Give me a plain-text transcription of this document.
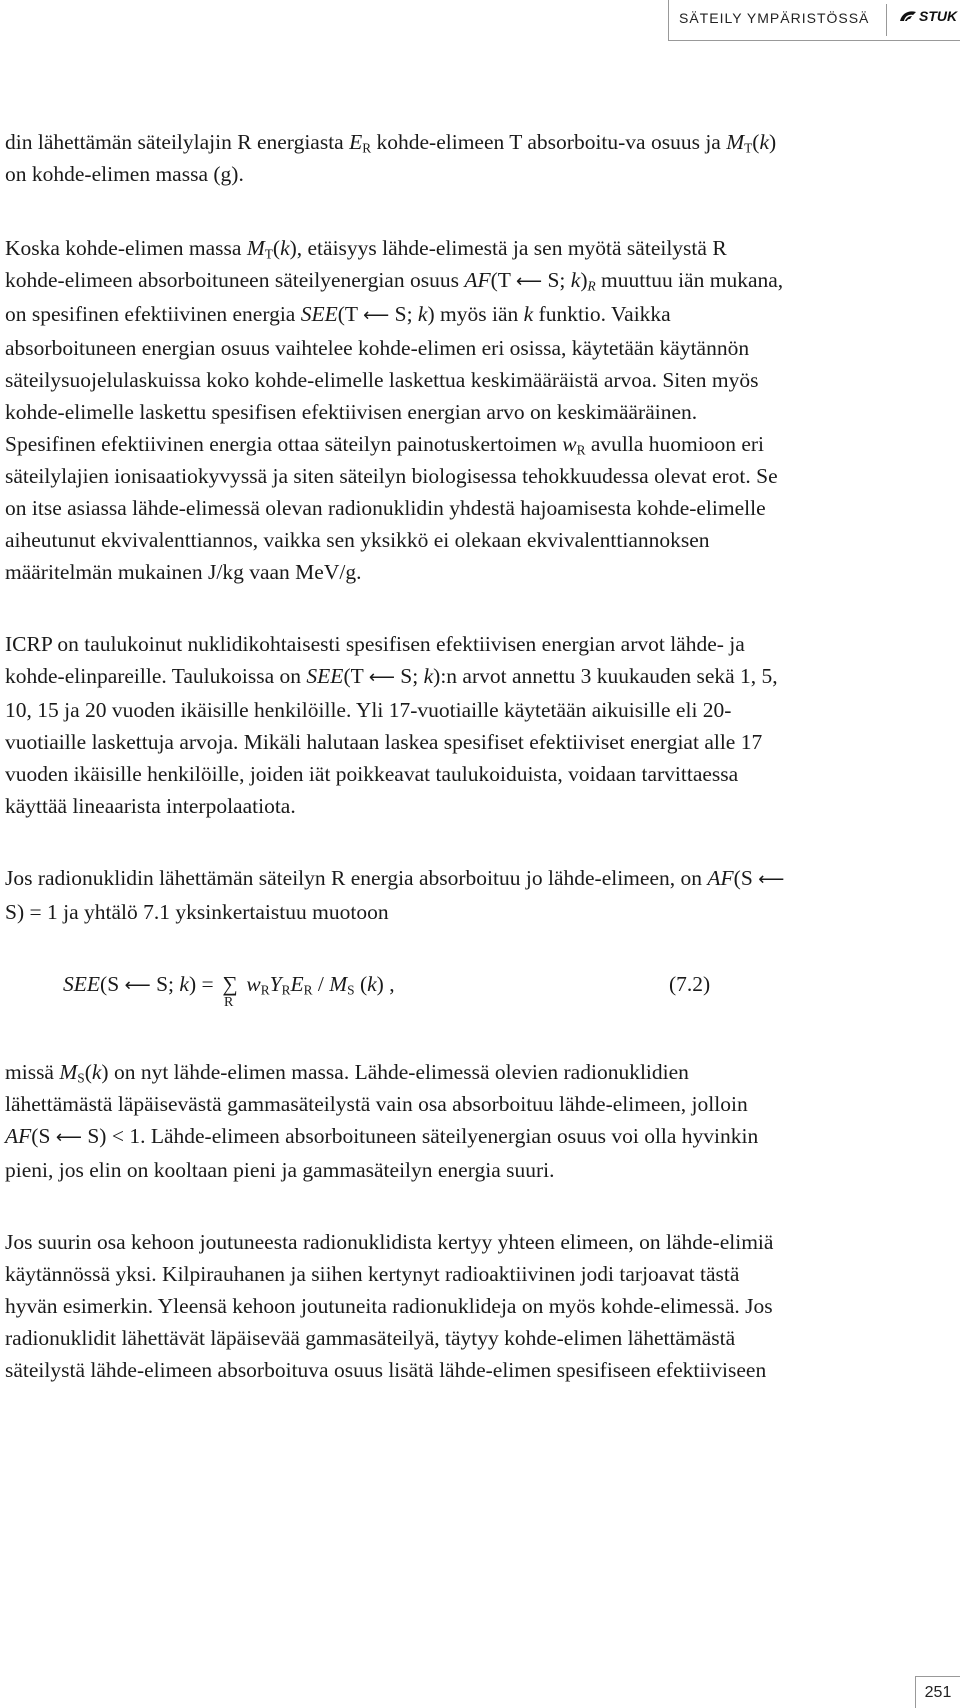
SÄTEILY YMPÄRISTÖSSÄ	STUK

din lähettämän säteilylajin R energiasta $E_R$ kohde-elimeen T absorboitu-va osuus ja $M_T(k)$ on kohde-elimen massa (g).

Koska kohde-elimen massa $M_T(k)$, etäisyys lähde-elimestä ja sen myötä säteilystä R kohde-elimeen absorboituneen säteilyenergian osuus AF(T ⟵ S; $k)_R$ muuttuu iän mukana, on spesifinen efektiivinen energia SEE(T ⟵ S; k) myös iän k funktio. Vaikka absorboituneen energian osuus vaihtelee kohde-elimen eri osissa, käytetään käytännön säteilysuojelulaskuissa koko kohde-elimelle laskettua keskimääräistä arvoa. Siten myös kohde-elimelle laskettu spesifisen efektiivisen energian arvo on keskimääräinen. Spesifinen efektiivinen energia ottaa säteilyn painotuskertoimen $w_R$ avulla huomioon eri säteilylajien ionisaatiokyvyssä ja siten säteilyn biologisessa tehokkuudessa olevat erot. Se on itse asiassa lähde-elimessä olevan radionuklidin yhdestä hajoamisesta kohde-elimelle aiheutunut ekvivalenttiannos, vaikka sen yksikkö ei olekaan ekvivalenttiannoksen määritelmän mukainen J/kg vaan MeV/g.

ICRP on taulukoinut nuklidikohtaisesti spesifisen efektiivisen energian arvot lähde- ja kohde-elinpareille. Taulukoissa on SEE(T ⟵ S; k):n arvot annettu 3 kuukauden sekä 1, 5, 10, 15 ja 20 vuoden ikäisille henkilöille. Yli 17-vuotiaille käytetään aikuisille eli 20-vuotiaille laskettuja arvoja. Mikäli halutaan laskea spesifiset efektiiviset energiat alle 17 vuoden ikäisille henkilöille, joiden iät poikkeavat taulukoiduista, voidaan tarvittaessa käyttää lineaarista interpolaatiota.

Jos radionuklidin lähettämän säteilyn R energia absorboituu jo lähde-elimeen, on AF(S ⟵ S) = 1 ja yhtälö 7.1 yksinkertaistuu muotoon

SEE(S ⟵ S; k) = ∑
R
$w_RY_RE_R / M_S$ (k) ,	(7.2)

missä $M_S(k)$ on nyt lähde-elimen massa. Lähde-elimessä olevien radionuklidien lähettämästä läpäisevästä gammasäteilystä vain osa absorboituu lähde-elimeen, jolloin AF(S ⟵ S) < 1. Lähde-elimeen absorboituneen säteilyenergian osuus voi olla hyvinkin pieni, jos elin on kooltaan pieni ja gammasäteilyn energia suuri.

Jos suurin osa kehoon joutuneesta radionuklidista kertyy yhteen elimeen, on lähde-elimiä käytännössä yksi. Kilpirauhanen ja siihen kertynyt radioaktiivinen jodi tarjoavat tästä hyvän esimerkin. Yleensä kehoon joutuneita radionuklideja on myös kohde-elimessä. Jos radionuklidit lähettävät läpäisevää gammasäteilyä, täytyy kohde-elimen lähettämästä säteilystä lähde-elimeen absorboituva osuus lisätä lähde-elimen spesifiseen efektiiviseen

251
